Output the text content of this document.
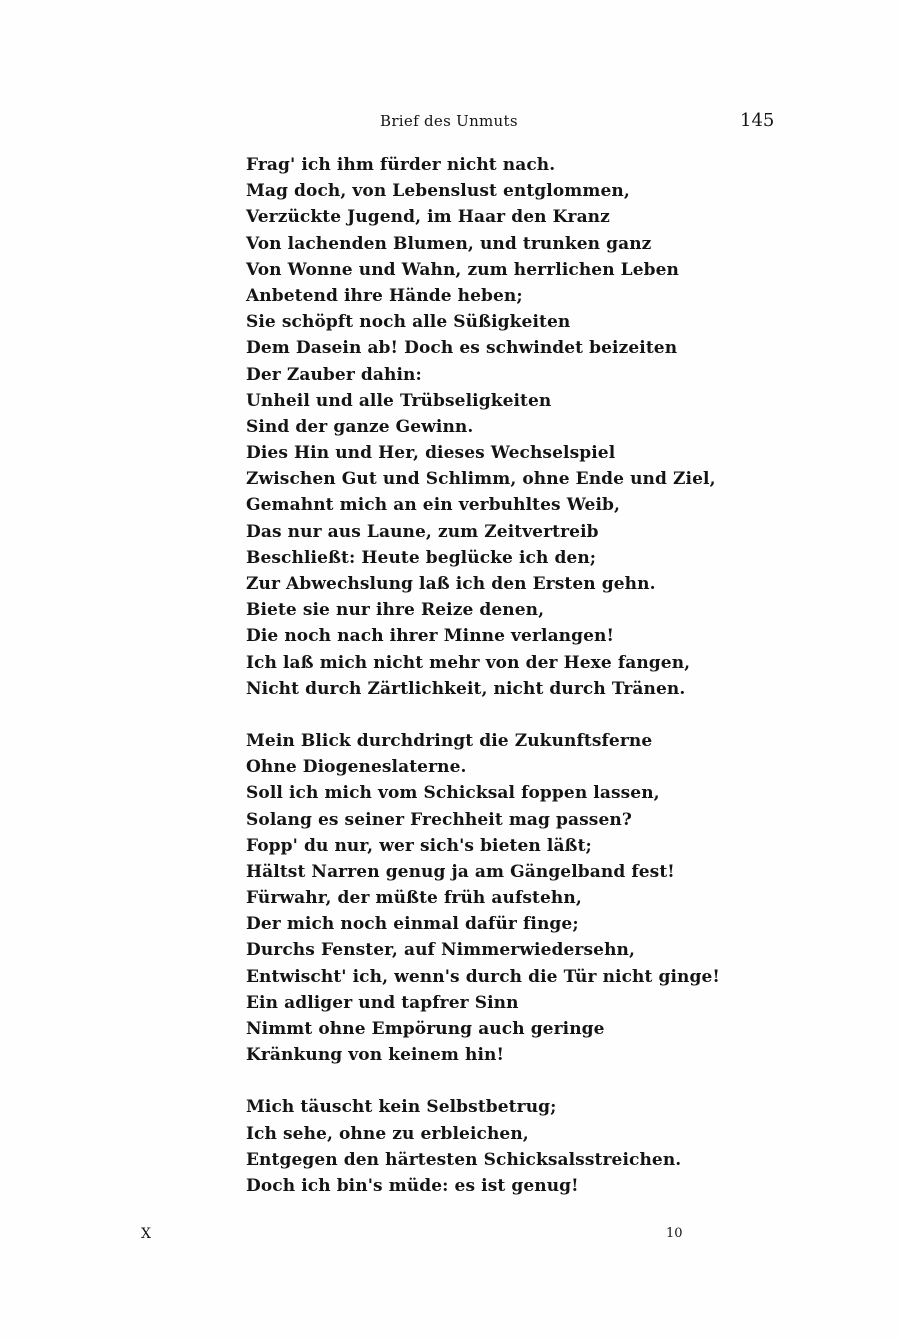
Brief des Unmuts	145
Frag' ich ihm fürder nicht nach.
Mag doch, von Lebenslust entglommen,
Verzückte Jugend, im Haar den Kranz
Von lachenden Blumen, und trunken ganz
Von Wonne und Wahn, zum herrlichen Leben
Anbetend ihre Hände heben;
Sie schöpft noch alle Süßigkeiten
Dem Dasein ab! Doch es schwindet beizeiten
Der Zauber dahin:
Unheil und alle Trübseligkeiten
Sind der ganze Gewinn.
Dies Hin und Her, dieses Wechselspiel
Zwischen Gut und Schlimm, ohne Ende und Ziel,
Gemahnt mich an ein verbuhltes Weib,
Das nur aus Laune, zum Zeitvertreib
Beschließt: Heute beglücke ich den;
Zur Abwechslung laß ich den Ersten gehn.
Biete sie nur ihre Reize denen,
Die noch nach ihrer Minne verlangen!
Ich laß mich nicht mehr von der Hexe fangen,
Nicht durch Zärtlichkeit, nicht durch Tränen.
Mein Blick durchdringt die Zukunftsferne
Ohne Diogeneslaterne.
Soll ich mich vom Schicksal foppen lassen,
Solang es seiner Frechheit mag passen?
Fopp' du nur, wer sich's bieten läßt;
Hältst Narren genug ja am Gängelband fest!
Fürwahr, der müßte früh aufstehn,
Der mich noch einmal dafür finge;
Durchs Fenster, auf Nimmerwiedersehn,
Entwischt' ich, wenn's durch die Tür nicht ginge!
Ein adliger und tapfrer Sinn
Nimmt ohne Empörung auch geringe
Kränkung von keinem hin!
Mich täuscht kein Selbstbetrug;
Ich sehe, ohne zu erbleichen,
Entgegen den härtesten Schicksalsstreichen.
Doch ich bin's müde: es ist genug!
X	10
